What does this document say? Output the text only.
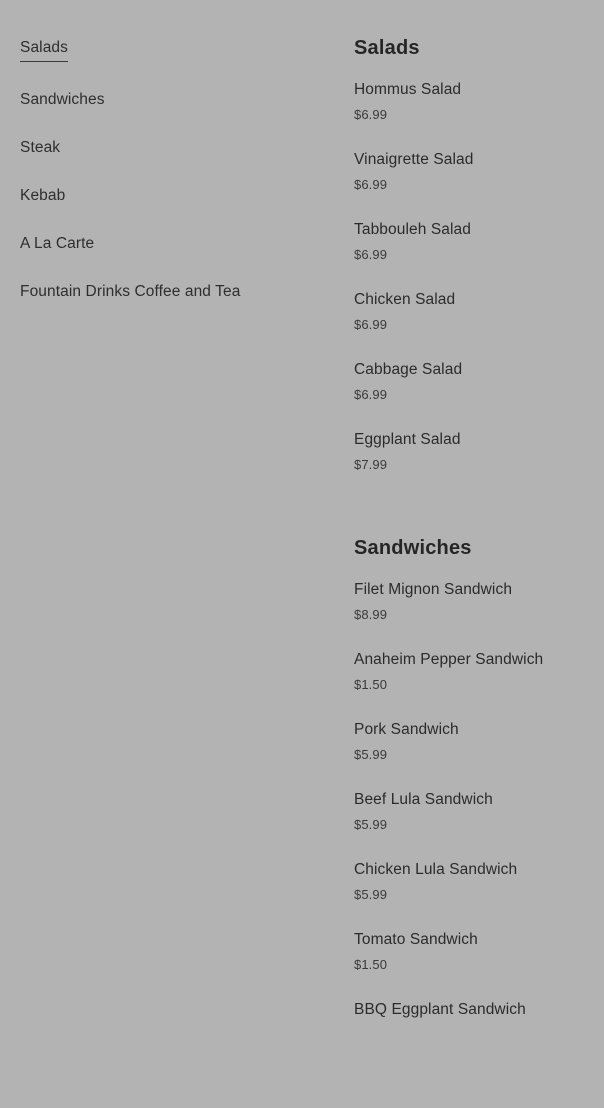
Salads
Sandwiches
Steak
Kebab
A La Carte
Fountain Drinks Coffee and Tea
Salads
Hommus Salad
$6.99
Vinaigrette Salad
$6.99
Tabbouleh Salad
$6.99
Chicken Salad
$6.99
Cabbage Salad
$6.99
Eggplant Salad
$7.99
Sandwiches
Filet Mignon Sandwich
$8.99
Anaheim Pepper Sandwich
$1.50
Pork Sandwich
$5.99
Beef Lula Sandwich
$5.99
Chicken Lula Sandwich
$5.99
Tomato Sandwich
$1.50
BBQ Eggplant Sandwich
